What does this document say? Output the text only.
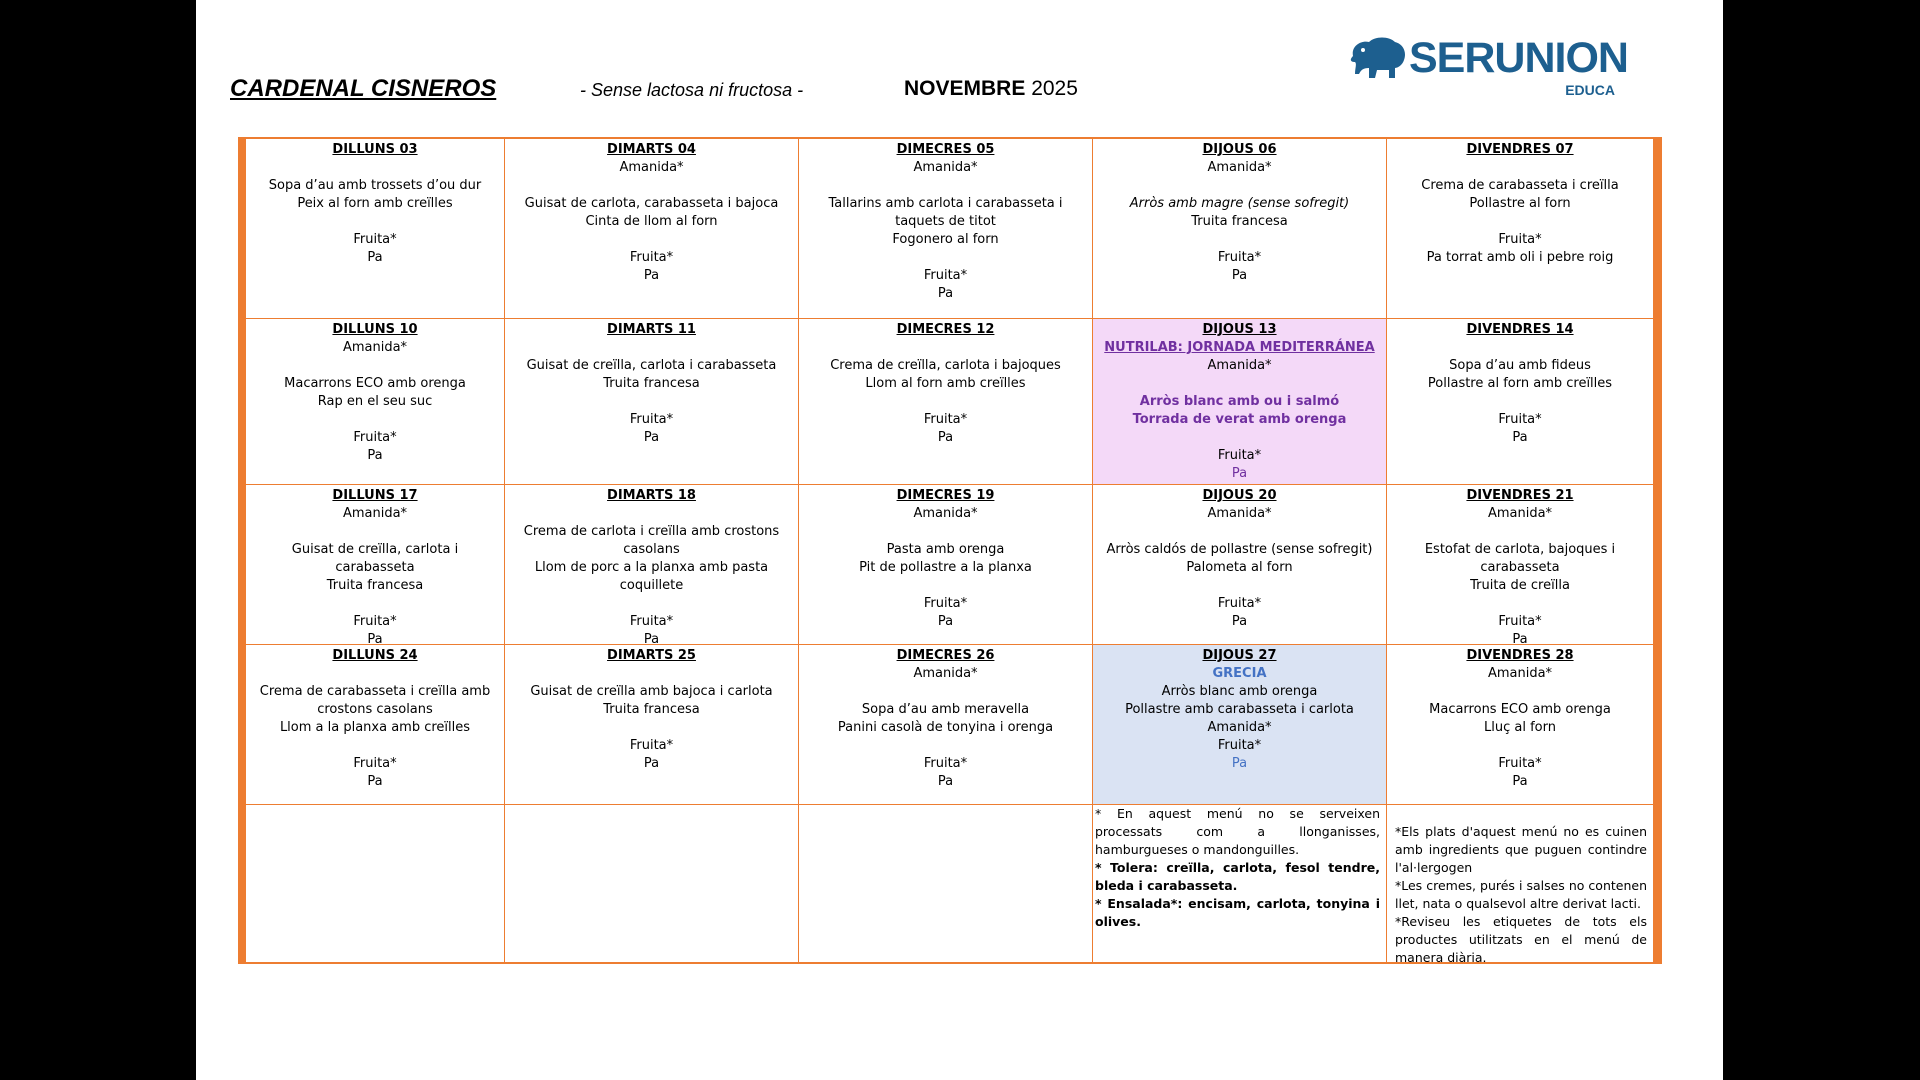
CARDENAL CISNEROS	- Sense lactosa ni fructosa -	NOVEMBRE 2025
SERUNION
EDUCA
DILLUNS 03

Sopa d’au amb trossets d’ou dur
Peix al forn amb creïlles

Fruita*
Pa
DIMARTS 04
Amanida*

Guisat de carlota, carabasseta i bajoca
Cinta de llom al forn

Fruita*
Pa
DIMECRES 05
Amanida*

Tallarins amb carlota i carabasseta i taquets de titot
Fogonero al forn

Fruita*
Pa
DIJOUS 06
Amanida*

Arròs amb magre (sense sofregit)
Truita francesa

Fruita*
Pa
DIVENDRES 07

Crema de carabasseta i creïlla
Pollastre al forn

Fruita*
Pa torrat amb oli i pebre roig
DILLUNS 10
Amanida*

Macarrons ECO amb orenga
Rap en el seu suc

Fruita*
Pa
DIMARTS 11

Guisat de creïlla, carlota i carabasseta
Truita francesa

Fruita*
Pa
DIMECRES 12

Crema de creïlla, carlota i bajoques
Llom al forn amb creïlles

Fruita*
Pa
DIJOUS 13
NUTRILAB: JORNADA MEDITERRÁNEA
Amanida*

Arròs blanc amb ou i salmó
Torrada de verat amb orenga

Fruita*
Pa
DIVENDRES 14

Sopa d’au amb fideus
Pollastre al forn amb creïlles

Fruita*
Pa
DILLUNS 17
Amanida*

Guisat de creïlla, carlota i carabasseta
Truita francesa

Fruita*
Pa
DIMARTS 18

Crema de carlota i creïlla amb crostons casolans
Llom de porc a la planxa amb pasta coquillete

Fruita*
Pa
DIMECRES 19
Amanida*

Pasta amb orenga
Pit de pollastre a la planxa

Fruita*
Pa
DIJOUS 20
Amanida*

Arròs caldós de pollastre (sense sofregit)
Palometa al forn

Fruita*
Pa
DIVENDRES 21
Amanida*

Estofat de carlota, bajoques i carabasseta
Truita de creïlla

Fruita*
Pa
DILLUNS 24

Crema de carabasseta i creïlla amb crostons casolans
Llom a la planxa amb creïlles

Fruita*
Pa
DIMARTS 25

Guisat de creïlla amb bajoca i carlota
Truita francesa

Fruita*
Pa
DIMECRES 26
Amanida*

Sopa d’au amb meravella
Panini casolà de tonyina i orenga

Fruita*
Pa
DIJOUS 27
GRECIA
Arròs blanc amb orenga
Pollastre amb carabasseta i carlota
Amanida*
Fruita*
Pa
DIVENDRES 28
Amanida*

Macarrons ECO amb orenga
Lluç al forn

Fruita*
Pa

* En aquest menú no se serveixen processats com a llonganisses, hamburgueses o mandonguilles.

* Tolera: creïlla, carlota, fesol tendre, bleda i carabasseta.

* Ensalada*: encisam, carlota, tonyina i olives.

*Els plats d'aquest menú no es cuinen amb ingredients que puguen contindre l'al·lergogen

*Les cremes, purés i salses no contenen llet, nata o qualsevol altre derivat lacti.

*Reviseu les etiquetes de tots els productes utilitzats en el menú de manera diària.
